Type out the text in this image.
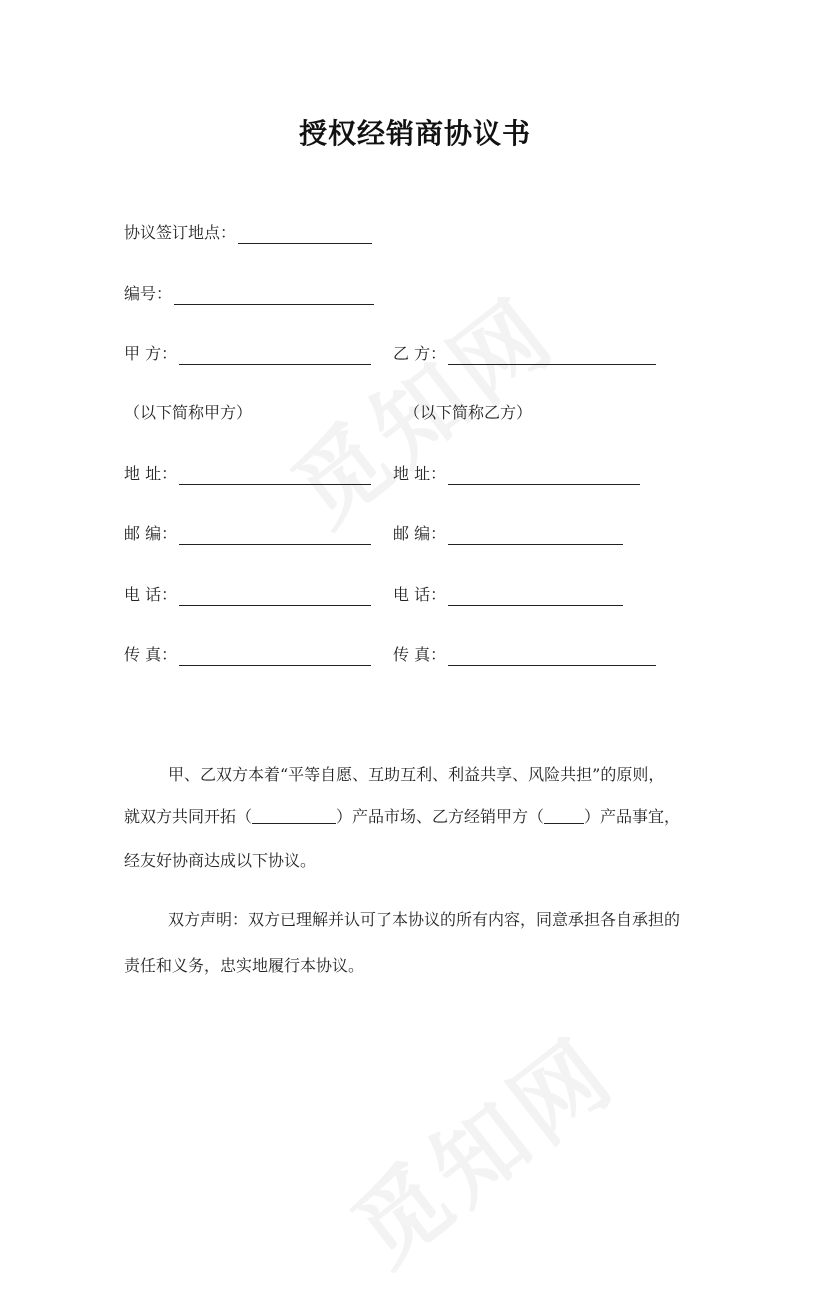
授权经销商协议书
协议签订地点：
编号：
甲 方：	乙 方：
（以下简称甲方）	（以下简称乙方）
地 址：	地 址：
邮 编：	邮 编：
电 话：	电 话：
传 真：	传 真：
甲、乙双方本着“平等自愿、互助互利、利益共享、风险共担”的原则，
就双方共同开拓（	）产品市场、乙方经销甲方（	）产品事宜，
经友好协商达成以下协议。
双方声明：双方已理解并认可了本协议的所有内容，同意承担各自承担的
责任和义务，忠实地履行本协议。
